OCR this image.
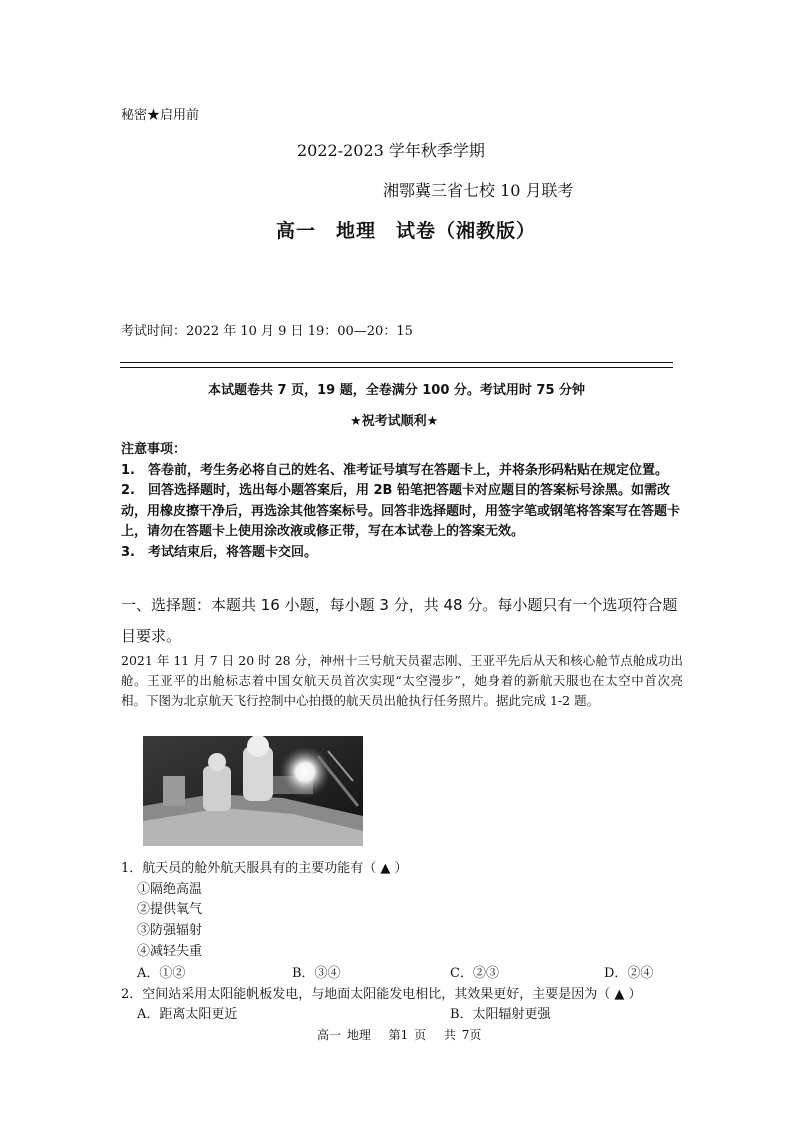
秘密★启用前
2022-2023 学年秋季学期
湘鄂冀三省七校 10 月联考
高一　地理　试卷（湘教版）
考试时间：2022 年 10 月 9 日 19：00—20：15
本试题卷共 7 页，19 题，全卷满分 100 分。考试用时 75 分钟
★祝考试顺利★

注意事项：

1.　答卷前，考生务必将自己的姓名、准考证号填写在答题卡上，并将条形码粘贴在规定位置。

2.　回答选择题时，选出每小题答案后，用 2B 铅笔把答题卡对应题目的答案标号涂黑。如需改动，用橡皮擦干净后，再选涂其他答案标号。回答非选择题时，用签字笔或钢笔将答案写在答题卡上，请勿在答题卡上使用涂改液或修正带，写在本试卷上的答案无效。

3.　考试结束后，将答题卡交回。

一、选择题：本题共 16 小题，每小题 3 分，共 48 分。每小题只有一个选项符合题目要求。
2021 年 11 月 7 日 20 时 28 分，神州十三号航天员翟志刚、王亚平先后从天和核心舱节点舱成功出舱。王亚平的出舱标志着中国女航天员首次实现“太空漫步”，她身着的新航天服也在太空中首次亮相。下图为北京航天飞行控制中心拍摄的航天员出舱执行任务照片。据此完成 1-2 题。
1．航天员的舱外航天服具有的主要功能有（ ▲ ）
①隔绝高温
②提供氧气
③防强辐射
④减轻失重
A．①②	B．③④	C．②③	D．②④
2．空间站采用太阳能帆板发电，与地面太阳能发电相比，其效果更好，主要是因为（ ▲ ）
A．距离太阳更近	B．太阳辐射更强
高一 地理　 第1 页　 共 7页
